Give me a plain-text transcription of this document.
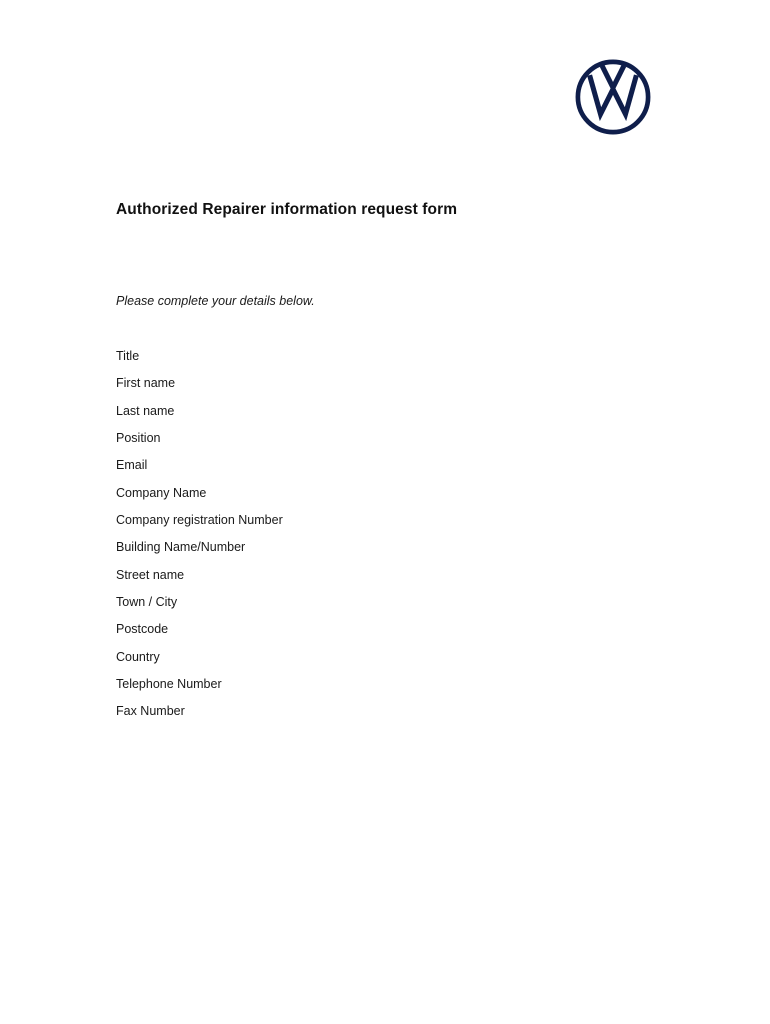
Authorized Repairer information request form

Please complete your details below.

Title
First name
Last name
Position
Email
Company Name
Company registration Number
Building Name/Number
Street name
Town / City
Postcode
Country
Telephone Number
Fax Number
